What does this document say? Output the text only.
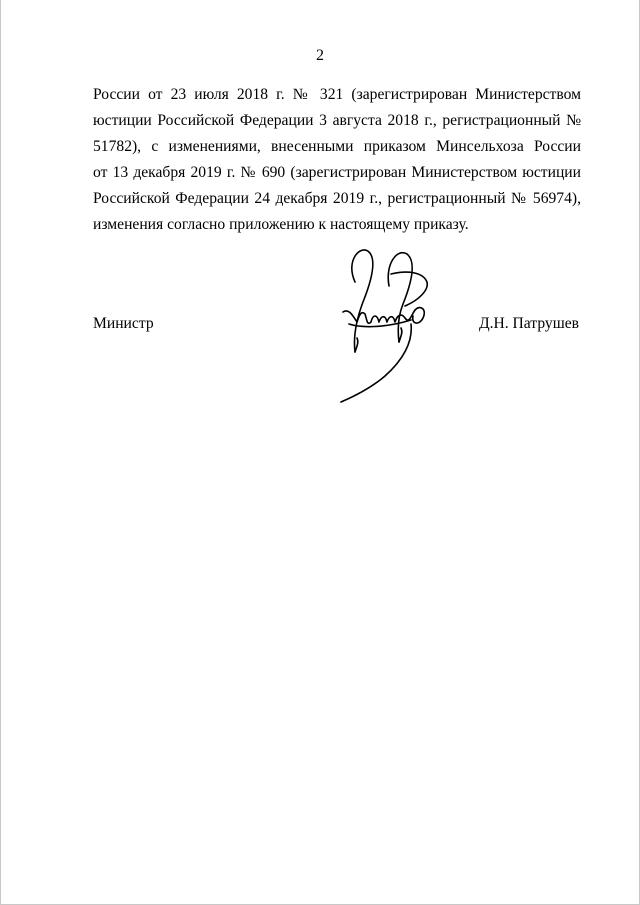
2
России от 23 июля 2018 г. № 321 (зарегистрирован Министерством
юстиции Российской Федерации 3 августа 2018 г., регистрационный №
51782), с изменениями, внесенными приказом Минсельхоза России
от 13 декабря 2019 г. № 690 (зарегистрирован Министерством юстиции
Российской Федерации 24 декабря 2019 г., регистрационный № 56974),
изменения согласно приложению к настоящему приказу.
Министр	Д.Н. Патрушев
